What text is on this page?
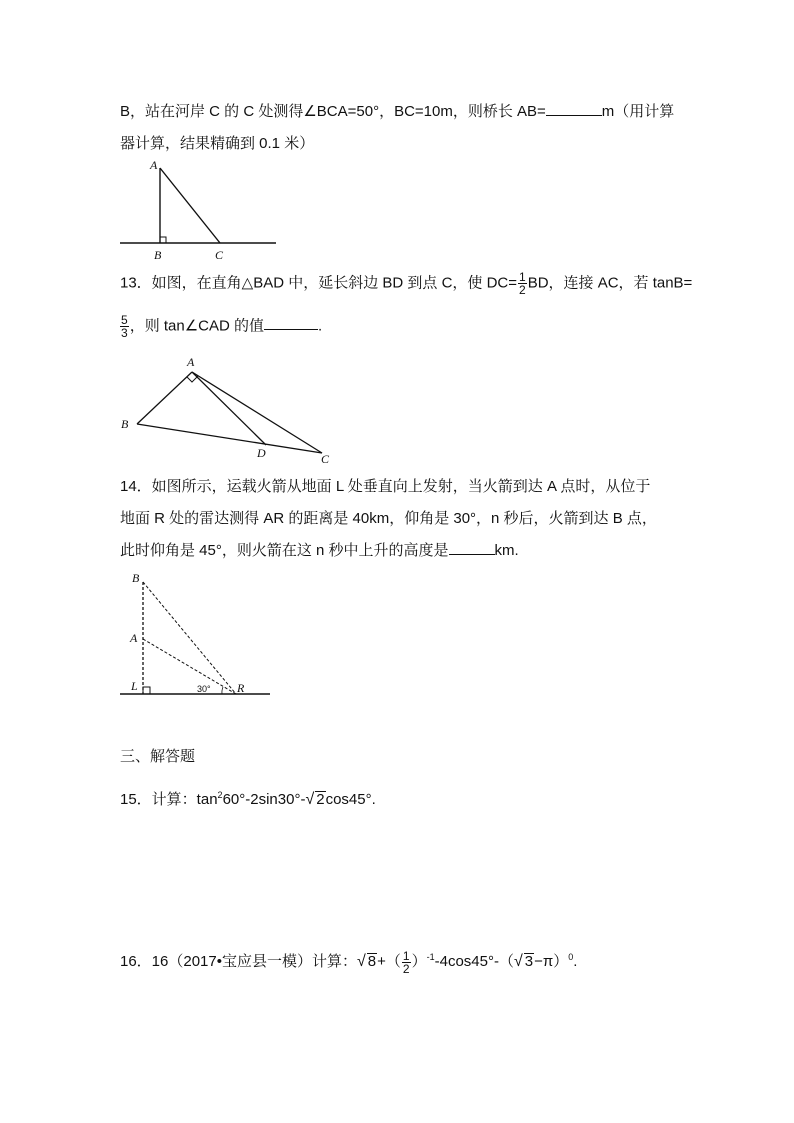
B，站在河岸 C 的 C 处测得∠BCA=50°，BC=10m，则桥长 AB=	m（用计算
器计算，结果精确到 0.1 米）
A
B	C
13．如图，在直角△BAD 中，延长斜边 BD 到点 C，使 $DC= \frac{1}{2}$ BD，连接 AC，若 tanB=
$\frac{5}{3}$ ，则 tan∠CAD 的值	.
A
B
D	C
14．如图所示，运载火箭从地面 L 处垂直向上发射，当火箭到达 A 点时，从位于
地面 R 处的雷达测得 AR 的距离是 40km，仰角是 30°，n 秒后，火箭到达 B 点，
此时仰角是 45°，则火箭在这 n 秒中上升的高度是	km.
B
A
L	R
30°
三、解答题
15．计算：$\tan^260^\circ-2\sin 30^\circ-√$ 2cos45°.
16．16（2017•宝应县一模）计算：√ $8+( \frac{1}{2} )^{-1}-4\cos 45^\circ-(√$ 3−π）$^0$.
